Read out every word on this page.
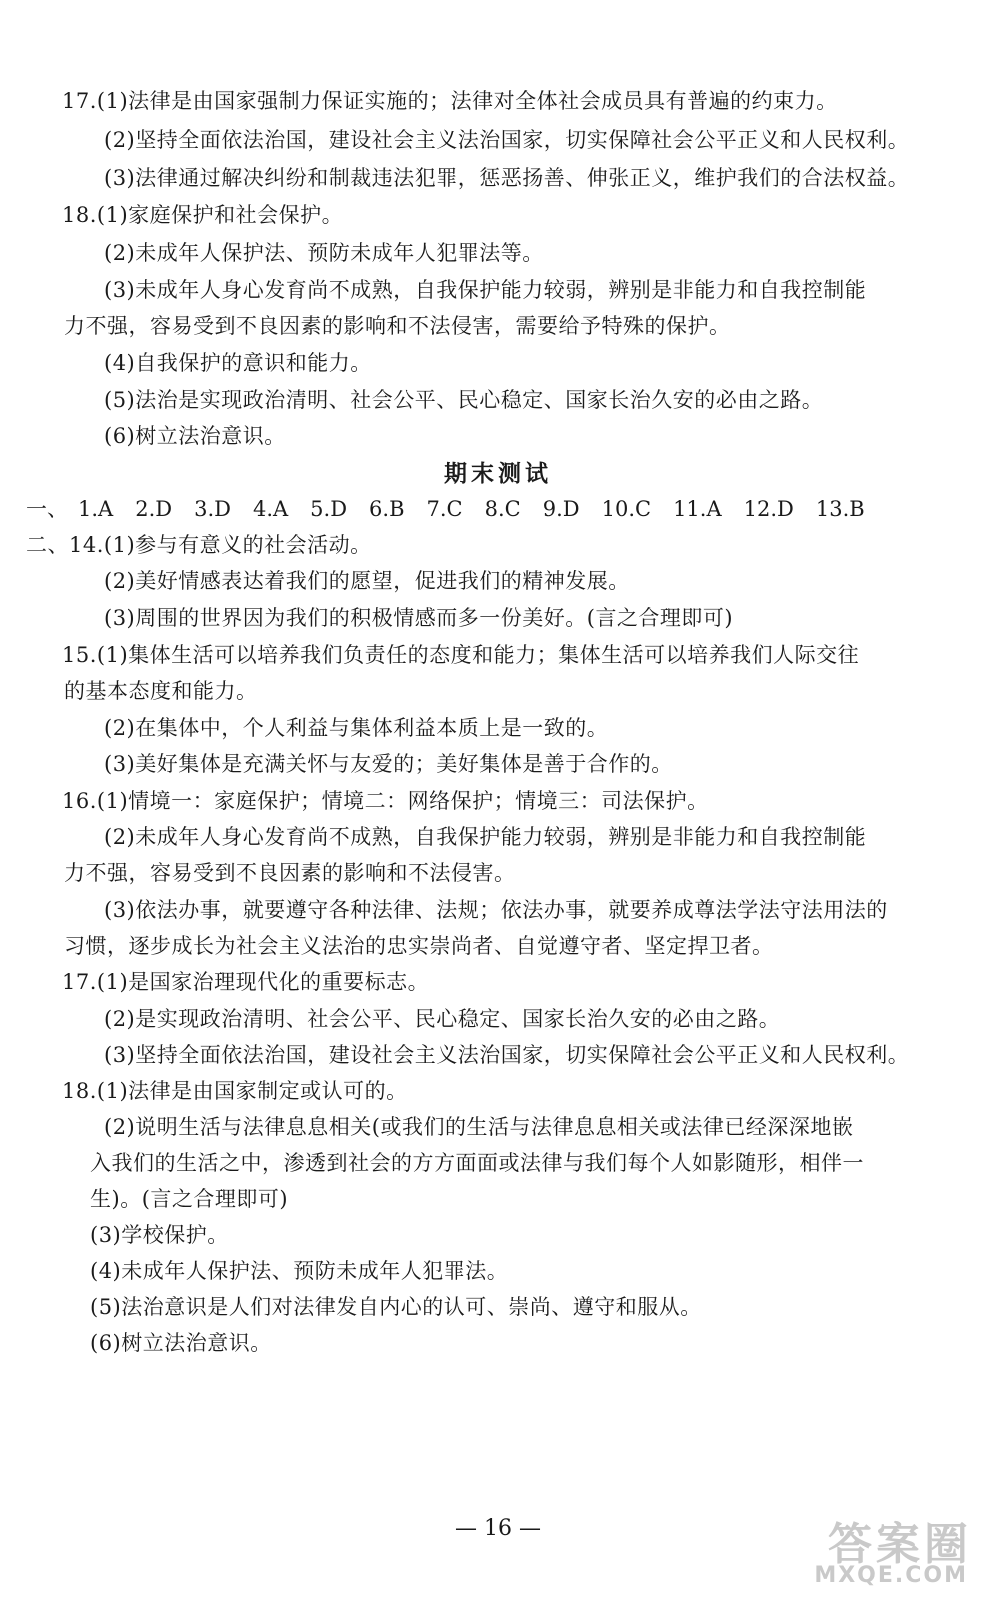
17.(1)法律是由国家强制力保证实施的；法律对全体社会成员具有普遍的约束力。
(2)坚持全面依法治国，建设社会主义法治国家，切实保障社会公平正义和人民权利。
(3)法律通过解决纠纷和制裁违法犯罪，惩恶扬善、伸张正义，维护我们的合法权益。
18.(1)家庭保护和社会保护。
(2)未成年人保护法、预防未成年人犯罪法等。
(3)未成年人身心发育尚不成熟，自我保护能力较弱，辨别是非能力和自我控制能
力不强，容易受到不良因素的影响和不法侵害，需要给予特殊的保护。
(4)自我保护的意识和能力。
(5)法治是实现政治清明、社会公平、民心稳定、国家长治久安的必由之路。
(6)树立法治意识。
期末测试
一、 1.A 2.D 3.D 4.A 5.D 6.B 7.C 8.C 9.D 10.C 11.A 12.D 13.B
二、14.(1)参与有意义的社会活动。
(2)美好情感表达着我们的愿望，促进我们的精神发展。
(3)周围的世界因为我们的积极情感而多一份美好。(言之合理即可)
15.(1)集体生活可以培养我们负责任的态度和能力；集体生活可以培养我们人际交往
的基本态度和能力。
(2)在集体中，个人利益与集体利益本质上是一致的。
(3)美好集体是充满关怀与友爱的；美好集体是善于合作的。
16.(1)情境一：家庭保护；情境二：网络保护；情境三：司法保护。
(2)未成年人身心发育尚不成熟，自我保护能力较弱，辨别是非能力和自我控制能
力不强，容易受到不良因素的影响和不法侵害。
(3)依法办事，就要遵守各种法律、法规；依法办事，就要养成尊法学法守法用法的
习惯，逐步成长为社会主义法治的忠实崇尚者、自觉遵守者、坚定捍卫者。
17.(1)是国家治理现代化的重要标志。
(2)是实现政治清明、社会公平、民心稳定、国家长治久安的必由之路。
(3)坚持全面依法治国，建设社会主义法治国家，切实保障社会公平正义和人民权利。
18.(1)法律是由国家制定或认可的。
(2)说明生活与法律息息相关(或我们的生活与法律息息相关或法律已经深深地嵌
入我们的生活之中，渗透到社会的方方面面或法律与我们每个人如影随形，相伴一
生)。(言之合理即可)
(3)学校保护。
(4)未成年人保护法、预防未成年人犯罪法。
(5)法治意识是人们对法律发自内心的认可、崇尚、遵守和服从。
(6)树立法治意识。
— 16 —	答案圈
MXQE.COM
